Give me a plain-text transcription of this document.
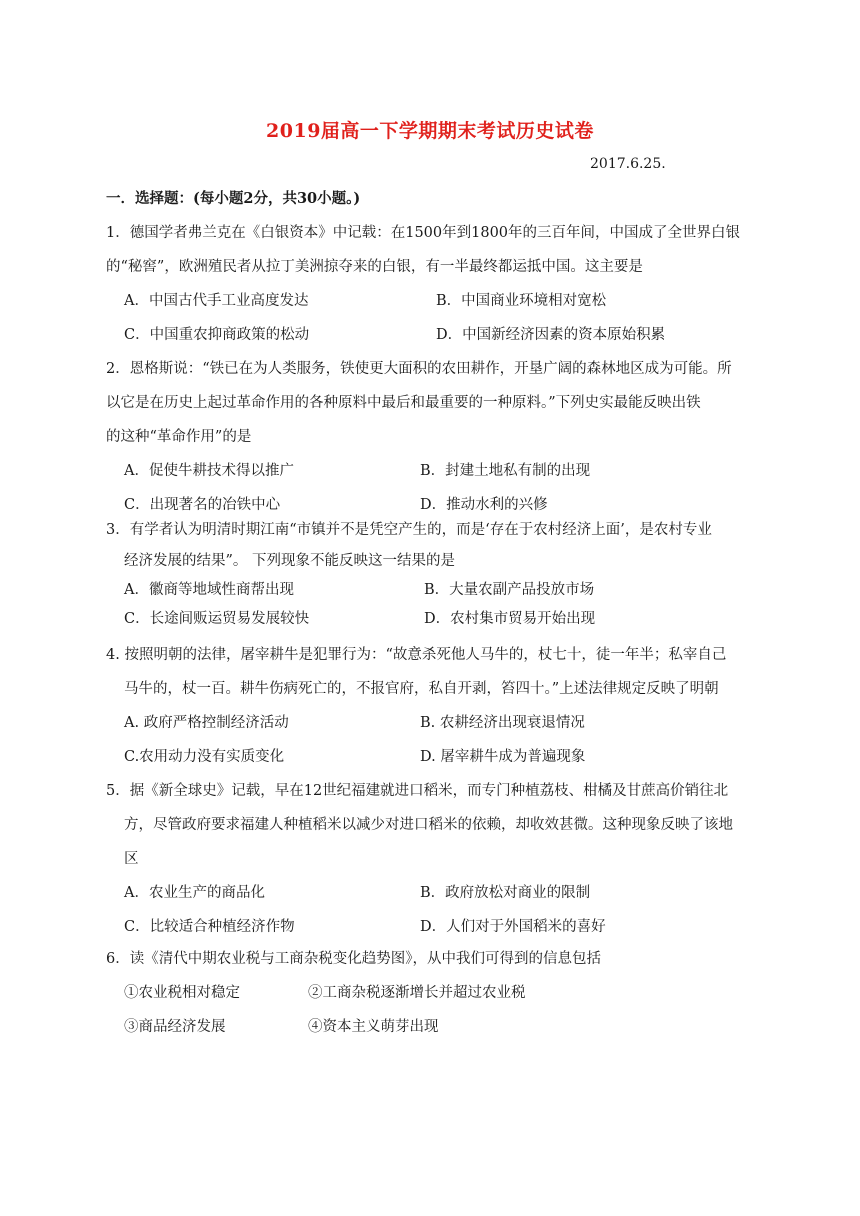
2019届高一下学期期末考试历史试卷
2017.6.25.
一．选择题：(每小题2分，共30小题。)
1．德国学者弗兰克在《白银资本》中记载：在1500年到1800年的三百年间，中国成了全世界白银
的“秘窖”，欧洲殖民者从拉丁美洲掠夺来的白银，有一半最终都运抵中国。这主要是
A．中国古代手工业高度发达	B．中国商业环境相对宽松
C．中国重农抑商政策的松动	D．中国新经济因素的资本原始积累
2．恩格斯说：“铁已在为人类服务，铁使更大面积的农田耕作，开垦广阔的森林地区成为可能。所
以它是在历史上起过革命作用的各种原料中最后和最重要的一种原料。”下列史实最能反映出铁
的这种“革命作用”的是
A．促使牛耕技术得以推广	B．封建土地私有制的出现
C．出现著名的冶铁中心	D．推动水利的兴修
3．有学者认为明清时期江南“市镇并不是凭空产生的，而是‘存在于农村经济上面’，是农村专业
经济发展的结果”。 下列现象不能反映这一结果的是
A．徽商等地域性商帮出现	B．大量农副产品投放市场
C．长途间贩运贸易发展较快	D．农村集市贸易开始出现
4. 按照明朝的法律，屠宰耕牛是犯罪行为：“故意杀死他人马牛的，杖七十，徒一年半；私宰自己
马牛的，杖一百。耕牛伤病死亡的，不报官府，私自开剥，笞四十。”上述法律规定反映了明朝
A. 政府严格控制经济活动	B. 农耕经济出现衰退情况
C.农用动力没有实质变化	D. 屠宰耕牛成为普遍现象
5．据《新全球史》记载，早在12世纪福建就进口稻米，而专门种植荔枝、柑橘及甘蔗高价销往北
方，尽管政府要求福建人种植稻米以减少对进口稻米的依赖，却收效甚微。这种现象反映了该地
区
A．农业生产的商品化	B．政府放松对商业的限制
C．比较适合种植经济作物	D．人们对于外国稻米的喜好
6．读《清代中期农业税与工商杂税变化趋势图》，从中我们可得到的信息包括
①农业税相对稳定	②工商杂税逐渐增长并超过农业税
③商品经济发展	④资本主义萌芽出现
